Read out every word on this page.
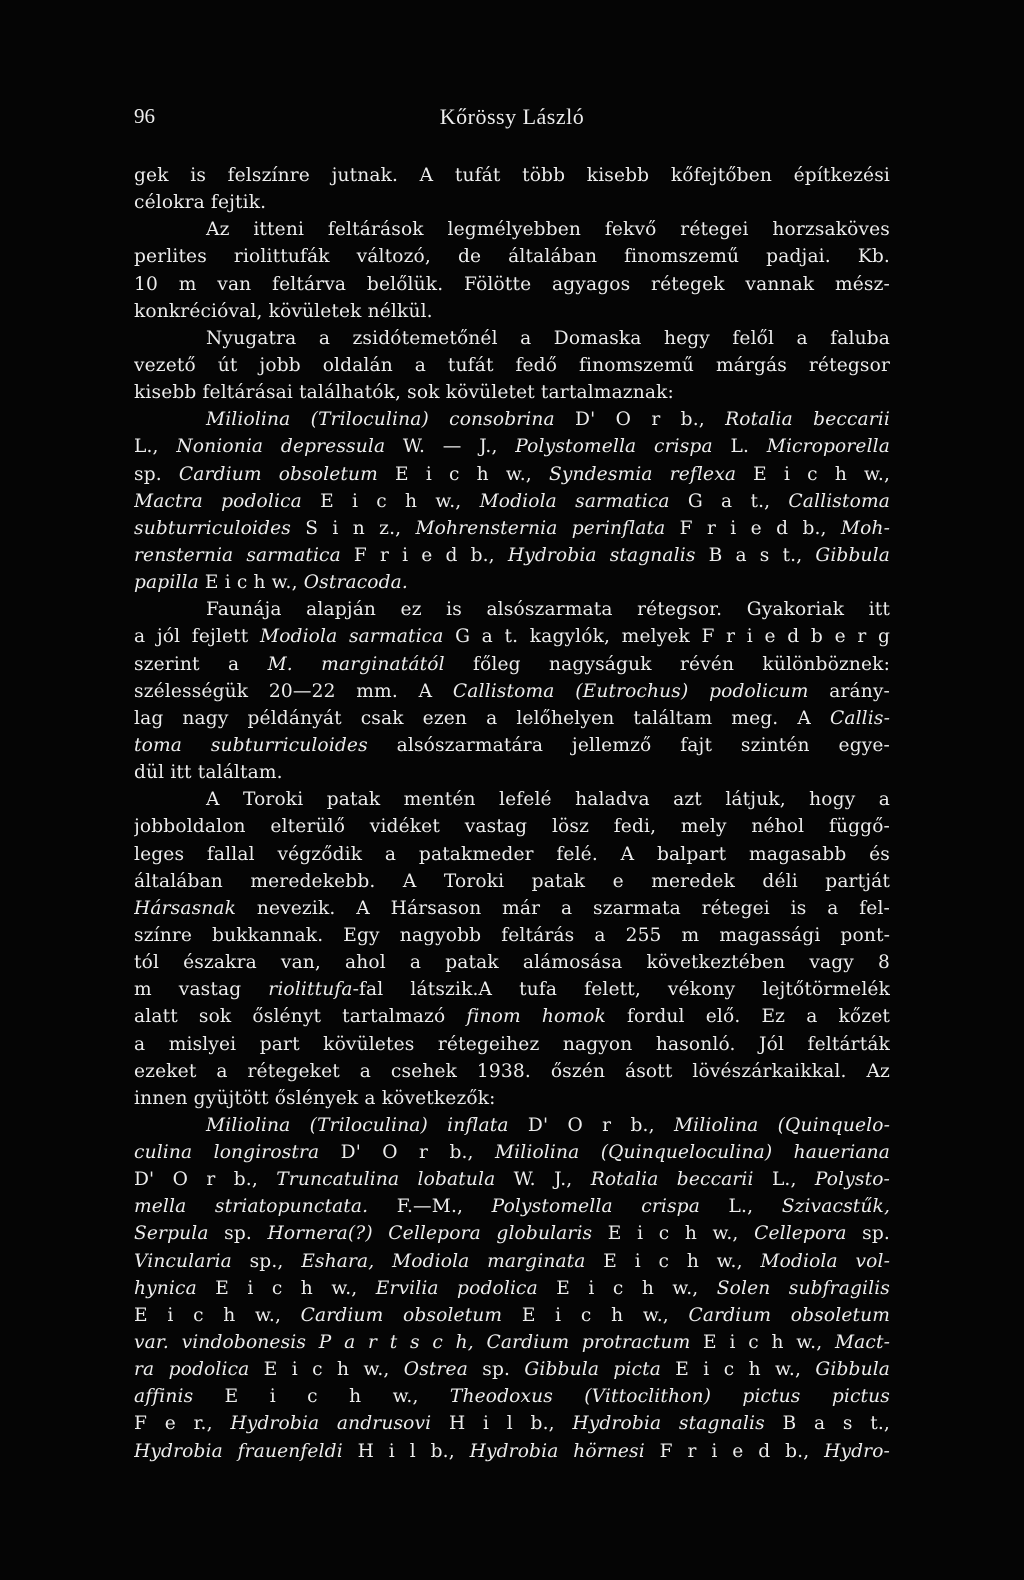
96	Kőrössy László
gek is felszínre jutnak. A tufát több kisebb kőfejtőben építkezési
célokra fejtik.
Az itteni feltárások legmélyebben fekvő rétegei horzsaköves
perlites riolittufák változó, de általában finomszemű padjai. Kb.
10 m van feltárva belőlük. Fölötte agyagos rétegek vannak mész-
konkrécióval, kövületek nélkül.
Nyugatra a zsidótemetőnél a Domaska hegy felől a faluba
vezető út jobb oldalán a tufát fedő finomszemű márgás rétegsor
kisebb feltárásai találhatók, sok kövületet tartalmaznak:
Miliolina (Triloculina) consobrina D' O r b., Rotalia beccarii
L., Nonionia depressula W. — J., Polystomella crispa L. Microporella
sp. Cardium obsoletum E i c h w., Syndesmia reflexa E i c h w.,
Mactra podolica E i c h w., Modiola sarmatica G a t., Callistoma
subturriculoides S i n z., Mohrensternia perinflata F r i e d b., Moh-
rensternia sarmatica F r i e d b., Hydrobia stagnalis B a s t., Gibbula
papilla E i c h w., Ostracoda.
Faunája alapján ez is alsószarmata rétegsor. Gyakoriak itt
a jól fejlett Modiola sarmatica G a t. kagylók, melyek F r i e d b e r g
szerint a M. marginatától főleg nagyságuk révén különböznek:
szélességük 20—22 mm. A Callistoma (Eutrochus) podolicum arány-
lag nagy példányát csak ezen a lelőhelyen találtam meg. A Callis-
toma subturriculoides alsószarmatára jellemző fajt szintén egye-
dül itt találtam.
A Toroki patak mentén lefelé haladva azt látjuk, hogy a
jobboldalon elterülő vidéket vastag lösz fedi, mely néhol függő-
leges fallal végződik a patakmeder felé. A balpart magasabb és
általában meredekebb. A Toroki patak e meredek déli partját
Hársasnak nevezik. A Hársason már a szarmata rétegei is a fel-
színre bukkannak. Egy nagyobb feltárás a 255 m magassági pont-
tól északra van, ahol a patak alámosása következtében vagy 8
m vastag riolittufa-fal látszik.A tufa felett, vékony lejtőtörmelék
alatt sok őslényt tartalmazó finom homok fordul elő. Ez a kőzet
a mislyei part kövületes rétegeihez nagyon hasonló. Jól feltárták
ezeket a rétegeket a csehek 1938. őszén ásott lövészárkaikkal. Az
innen gyüjtött őslények a következők:
Miliolina (Triloculina) inflata D' O r b., Miliolina (Quinquelo-
culina longirostra D' O r b., Miliolina (Quinqueloculina) haueriana
D' O r b., Truncatulina lobatula W. J., Rotalia beccarii L., Polysto-
mella striatopunctata. F.—M., Polystomella crispa L., Szivacstűk,
Serpula sp. Hornera(?) Cellepora globularis E i c h w., Cellepora sp.
Vincularia sp., Eshara, Modiola marginata E i c h w., Modiola vol-
hynica E i c h w., Ervilia podolica E i c h w., Solen subfragilis
E i c h w., Cardium obsoletum E i c h w., Cardium obsoletum
var. vindobonesis P a r t s c h, Cardium protractum E i c h w., Mact-
ra podolica E i c h w., Ostrea sp. Gibbula picta E i c h w., Gibbula
affinis E i c h w., Theodoxus (Vittoclithon) pictus pictus
F e r., Hydrobia andrusovi H i l b., Hydrobia stagnalis B a s t.,
Hydrobia frauenfeldi H i l b., Hydrobia hörnesi F r i e d b., Hydro-
